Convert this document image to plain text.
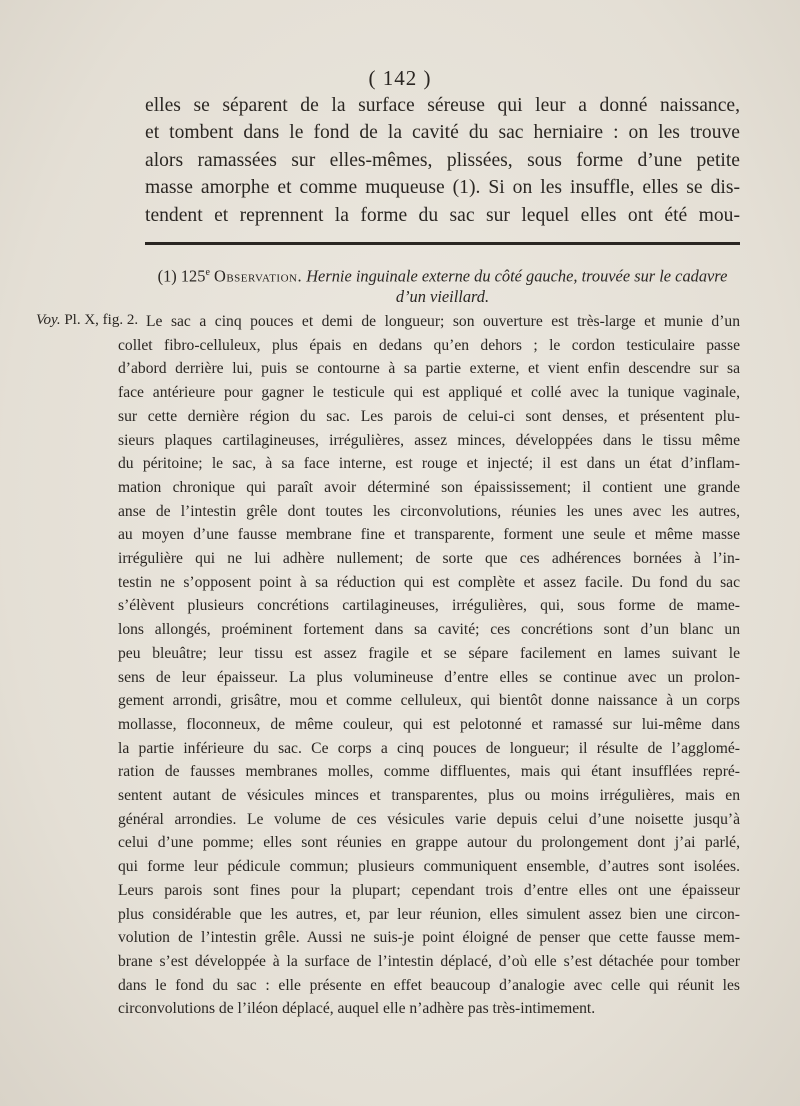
( 142 )
elles se séparent de la surface séreuse qui leur a donné naissance,
et tombent dans le fond de la cavité du sac herniaire : on les trouve
alors ramassées sur elles-mêmes, plissées, sous forme d’une petite
masse amorphe et comme muqueuse (1). Si on les insuffle, elles se dis-
tendent et reprennent la forme du sac sur lequel elles ont été mou-
(1) 125e Observation. Hernie inguinale externe du côté gauche, trouvée sur le cadavre
d’un vieillard.
Voy. Pl. X, fig. 2. Le sac a cinq pouces et demi de longueur; son ouverture est très-large et munie d’un
collet fibro-celluleux, plus épais en dedans qu’en dehors ; le cordon testiculaire passe
d’abord derrière lui, puis se contourne à sa partie externe, et vient enfin descendre sur sa
face antérieure pour gagner le testicule qui est appliqué et collé avec la tunique vaginale,
sur cette dernière région du sac. Les parois de celui-ci sont denses, et présentent plu-
sieurs plaques cartilagineuses, irrégulières, assez minces, développées dans le tissu même
du péritoine; le sac, à sa face interne, est rouge et injecté; il est dans un état d’inflam-
mation chronique qui paraît avoir déterminé son épaississement; il contient une grande
anse de l’intestin grêle dont toutes les circonvolutions, réunies les unes avec les autres,
au moyen d’une fausse membrane fine et transparente, forment une seule et même masse
irrégulière qui ne lui adhère nullement; de sorte que ces adhérences bornées à l’in-
testin ne s’opposent point à sa réduction qui est complète et assez facile. Du fond du sac
s’élèvent plusieurs concrétions cartilagineuses, irrégulières, qui, sous forme de mame-
lons allongés, proéminent fortement dans sa cavité; ces concrétions sont d’un blanc un
peu bleuâtre; leur tissu est assez fragile et se sépare facilement en lames suivant le
sens de leur épaisseur. La plus volumineuse d’entre elles se continue avec un prolon-
gement arrondi, grisâtre, mou et comme celluleux, qui bientôt donne naissance à un corps
mollasse, floconneux, de même couleur, qui est pelotonné et ramassé sur lui-même dans
la partie inférieure du sac. Ce corps a cinq pouces de longueur; il résulte de l’agglomé-
ration de fausses membranes molles, comme diffluentes, mais qui étant insufflées repré-
sentent autant de vésicules minces et transparentes, plus ou moins irrégulières, mais en
général arrondies. Le volume de ces vésicules varie depuis celui d’une noisette jusqu’à
celui d’une pomme; elles sont réunies en grappe autour du prolongement dont j’ai parlé,
qui forme leur pédicule commun; plusieurs communiquent ensemble, d’autres sont isolées.
Leurs parois sont fines pour la plupart; cependant trois d’entre elles ont une épaisseur
plus considérable que les autres, et, par leur réunion, elles simulent assez bien une circon-
volution de l’intestin grêle. Aussi ne suis-je point éloigné de penser que cette fausse mem-
brane s’est développée à la surface de l’intestin déplacé, d’où elle s’est détachée pour tomber
dans le fond du sac : elle présente en effet beaucoup d’analogie avec celle qui réunit les
circonvolutions de l’iléon déplacé, auquel elle n’adhère pas très-intimement.
